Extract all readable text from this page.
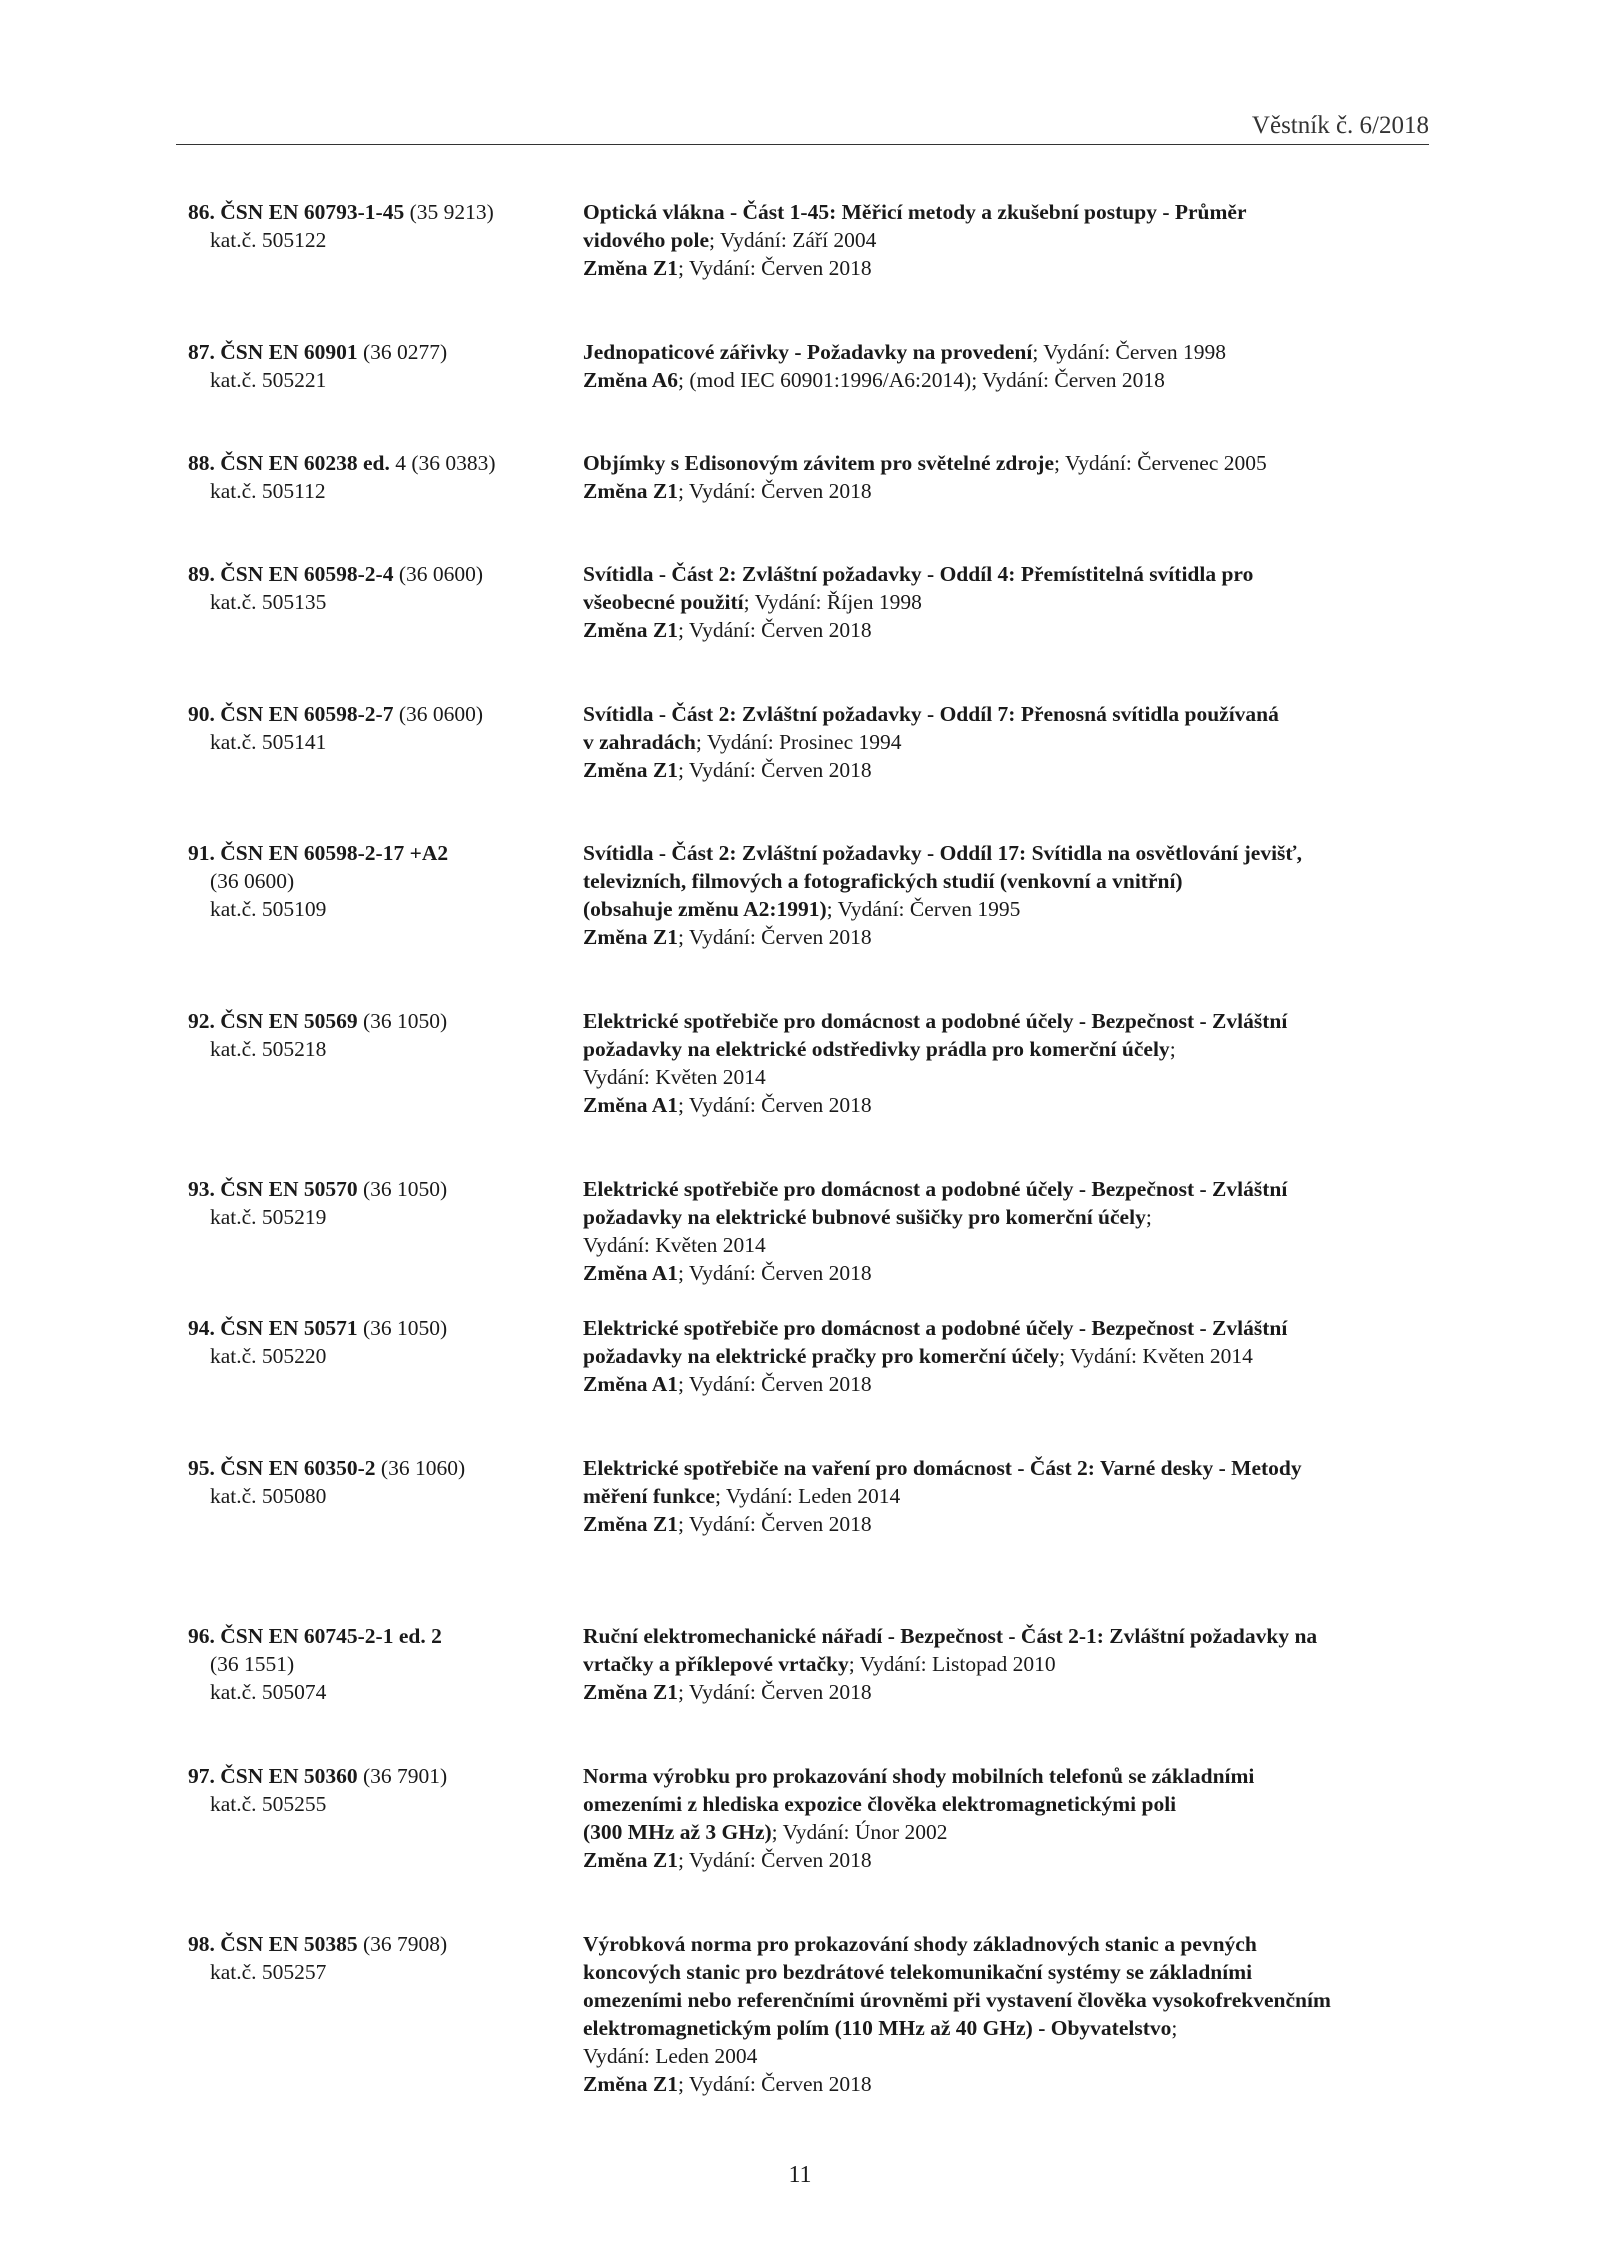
Věstník č. 6/2018
86. ČSN EN 60793-1-45 (35 9213)
kat.č. 505122
Optická vlákna - Část 1-45: Měřicí metody a zkušební postupy - Průměr
vidového pole; Vydání: Září 2004
Změna Z1; Vydání: Červen 2018
87. ČSN EN 60901 (36 0277)
kat.č. 505221
Jednopaticové zářivky - Požadavky na provedení; Vydání: Červen 1998
Změna A6; (mod IEC 60901:1996/A6:2014); Vydání: Červen 2018
88. ČSN EN 60238 ed. 4 (36 0383)
kat.č. 505112
Objímky s Edisonovým závitem pro světelné zdroje; Vydání: Červenec 2005
Změna Z1; Vydání: Červen 2018
89. ČSN EN 60598-2-4 (36 0600)
kat.č. 505135
Svítidla - Část 2: Zvláštní požadavky - Oddíl 4: Přemístitelná svítidla pro
všeobecné použití; Vydání: Říjen 1998
Změna Z1; Vydání: Červen 2018
90. ČSN EN 60598-2-7 (36 0600)
kat.č. 505141
Svítidla - Část 2: Zvláštní požadavky - Oddíl 7: Přenosná svítidla používaná
v zahradách; Vydání: Prosinec 1994
Změna Z1; Vydání: Červen 2018
91. ČSN EN 60598-2-17 +A2
(36 0600)
kat.č. 505109
Svítidla - Část 2: Zvláštní požadavky - Oddíl 17: Svítidla na osvětlování jevišť,
televizních, filmových a fotografických studií (venkovní a vnitřní)
(obsahuje změnu A2:1991); Vydání: Červen 1995
Změna Z1; Vydání: Červen 2018
92. ČSN EN 50569 (36 1050)
kat.č. 505218
Elektrické spotřebiče pro domácnost a podobné účely - Bezpečnost - Zvláštní
požadavky na elektrické odstředivky prádla pro komerční účely;
Vydání: Květen 2014
Změna A1; Vydání: Červen 2018
93. ČSN EN 50570 (36 1050)
kat.č. 505219
Elektrické spotřebiče pro domácnost a podobné účely - Bezpečnost - Zvláštní
požadavky na elektrické bubnové sušičky pro komerční účely;
Vydání: Květen 2014
Změna A1; Vydání: Červen 2018
94. ČSN EN 50571 (36 1050)
kat.č. 505220
Elektrické spotřebiče pro domácnost a podobné účely - Bezpečnost - Zvláštní
požadavky na elektrické pračky pro komerční účely; Vydání: Květen 2014
Změna A1; Vydání: Červen 2018
95. ČSN EN 60350-2 (36 1060)
kat.č. 505080
Elektrické spotřebiče na vaření pro domácnost - Část 2: Varné desky - Metody
měření funkce; Vydání: Leden 2014
Změna Z1; Vydání: Červen 2018
96. ČSN EN 60745-2-1 ed. 2
(36 1551)
kat.č. 505074
Ruční elektromechanické nářadí - Bezpečnost - Část 2-1: Zvláštní požadavky na
vrtačky a příklepové vrtačky; Vydání: Listopad 2010
Změna Z1; Vydání: Červen 2018
97. ČSN EN 50360 (36 7901)
kat.č. 505255
Norma výrobku pro prokazování shody mobilních telefonů se základními
omezeními z hlediska expozice člověka elektromagnetickými poli
(300 MHz až 3 GHz); Vydání: Únor 2002
Změna Z1; Vydání: Červen 2018
98. ČSN EN 50385 (36 7908)
kat.č. 505257
Výrobková norma pro prokazování shody základnových stanic a pevných
koncových stanic pro bezdrátové telekomunikační systémy se základními
omezeními nebo referenčními úrovněmi při vystavení člověka vysokofrekvenčním
elektromagnetickým polím (110 MHz až 40 GHz) - Obyvatelstvo;
Vydání: Leden 2004
Změna Z1; Vydání: Červen 2018
11
